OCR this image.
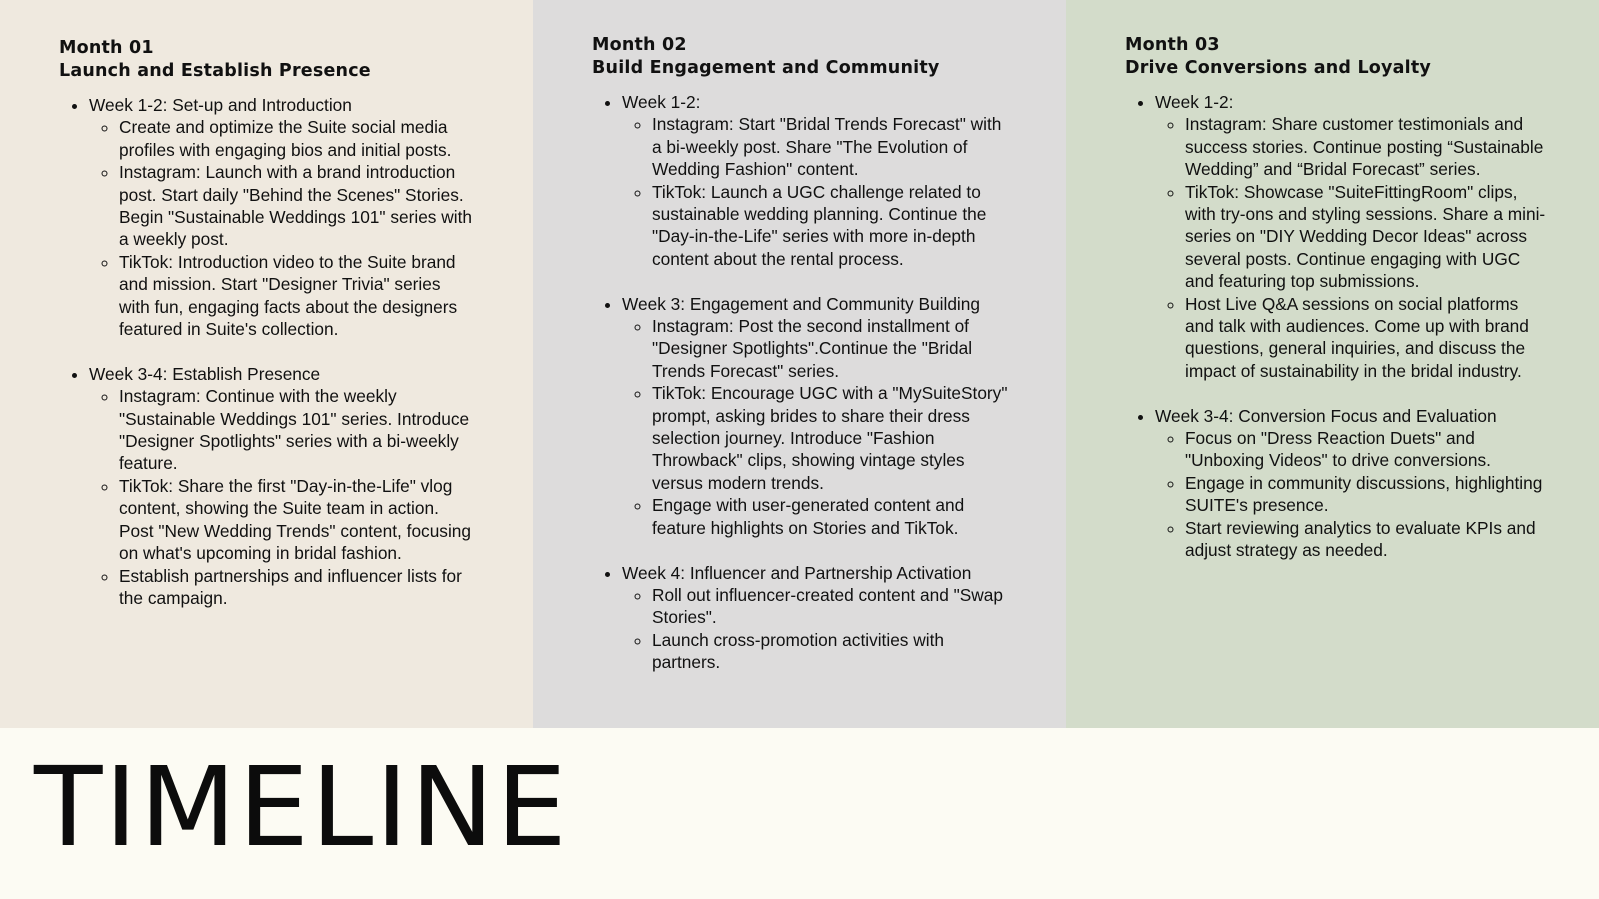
Month 01
Launch and Establish Presence
• Week 1-2: Set-up and Introduction
◦ Create and optimize the Suite social media profiles with engaging bios and initial posts.
◦ Instagram: Launch with a brand introduction post. Start daily "Behind the Scenes" Stories. Begin "Sustainable Weddings 101" series with a weekly post.
◦ TikTok: Introduction video to the Suite brand and mission. Start "Designer Trivia" series with fun, engaging facts about the designers featured in Suite's collection.
• Week 3-4: Establish Presence
◦ Instagram: Continue with the weekly "Sustainable Weddings 101" series. Introduce "Designer Spotlights" series with a bi-weekly feature.
◦ TikTok: Share the first "Day-in-the-Life" vlog content, showing the Suite team in action. Post "New Wedding Trends" content, focusing on what's upcoming in bridal fashion.
◦ Establish partnerships and influencer lists for the campaign.
Month 02
Build Engagement and Community
• Week 1-2:
◦ Instagram: Start "Bridal Trends Forecast" with a bi-weekly post. Share "The Evolution of Wedding Fashion" content.
◦ TikTok: Launch a UGC challenge related to sustainable wedding planning. Continue the "Day-in-the-Life" series with more in-depth content about the rental process.
• Week 3: Engagement and Community Building
◦ Instagram: Post the second installment of "Designer Spotlights".Continue the "Bridal Trends Forecast" series.
◦ TikTok: Encourage UGC with a "MySuiteStory" prompt, asking brides to share their dress selection journey. Introduce "Fashion Throwback" clips, showing vintage styles versus modern trends.
◦ Engage with user-generated content and feature highlights on Stories and TikTok.
• Week 4: Influencer and Partnership Activation
◦ Roll out influencer-created content and "Swap Stories".
◦ Launch cross-promotion activities with partners.
Month 03
Drive Conversions and Loyalty
• Week 1-2:
◦ Instagram: Share customer testimonials and success stories. Continue posting “Sustainable Wedding” and “Bridal Forecast” series.
◦ TikTok: Showcase "SuiteFittingRoom" clips, with try-ons and styling sessions. Share a mini-series on "DIY Wedding Decor Ideas" across several posts. Continue engaging with UGC and featuring top submissions.
◦ Host Live Q&A sessions on social platforms and talk with audiences. Come up with brand questions, general inquiries, and discuss the impact of sustainability in the bridal industry.
• Week 3-4: Conversion Focus and Evaluation
◦ Focus on "Dress Reaction Duets" and "Unboxing Videos" to drive conversions.
◦ Engage in community discussions, highlighting SUITE's presence.
◦ Start reviewing analytics to evaluate KPIs and adjust strategy as needed.
TIMELINE
